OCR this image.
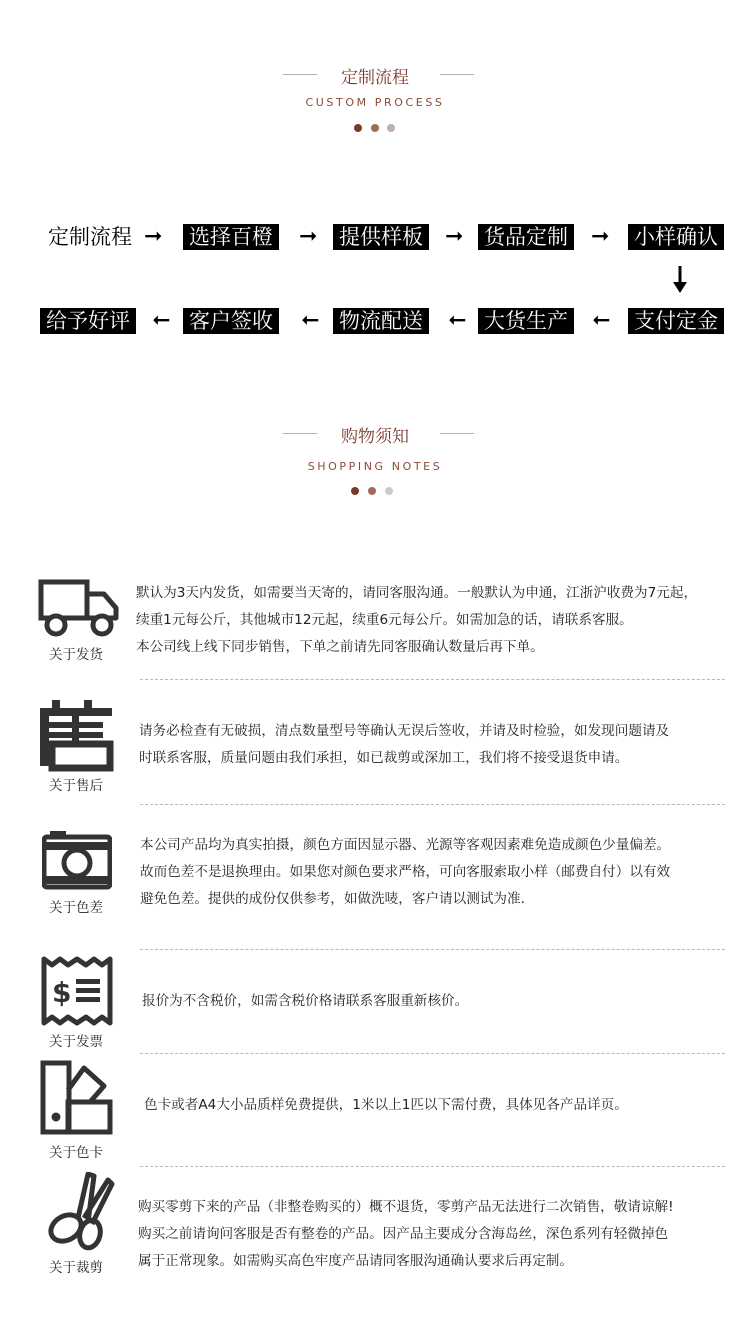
定制流程
CUSTOM PROCESS
定制流程 ➞ 选择百橙 ➞ 提供样板 ➞ 货品定制 ➞ 小样确认
给予好评 ➞ 客户签收 ➞ 物流配送 ➞ 大货生产 ➞ 支付定金
购物须知
SHOPPING NOTES
关于发货
默认为3天内发货，如需要当天寄的，请同客服沟通。一般默认为申通，江浙沪收费为7元起，
续重1元每公斤，其他城市12元起，续重6元每公斤。如需加急的话，请联系客服。
本公司线上线下同步销售，下单之前请先同客服确认数量后再下单。
关于售后
请务必检查有无破损，清点数量型号等确认无误后签收，并请及时检验，如发现问题请及
时联系客服，质量问题由我们承担，如已裁剪或深加工，我们将不接受退货申请。
关于色差
本公司产品均为真实拍摄，颜色方面因显示器、光源等客观因素难免造成颜色少量偏差。
故而色差不是退换理由。如果您对颜色要求严格，可向客服索取小样（邮费自付）以有效
避免色差。提供的成份仅供参考，如做洗唛，客户请以测试为准.
$
关于发票
报价为不含税价，如需含税价格请联系客服重新核价。
关于色卡
色卡或者A4大小品质样免费提供，1米以上1匹以下需付费，具体见各产品详页。
关于裁剪
购买零剪下来的产品（非整卷购买的）概不退货，零剪产品无法进行二次销售，敬请谅解!
购买之前请询问客服是否有整卷的产品。因产品主要成分含海岛丝，深色系列有轻微掉色
属于正常现象。如需购买高色牢度产品请同客服沟通确认要求后再定制。
